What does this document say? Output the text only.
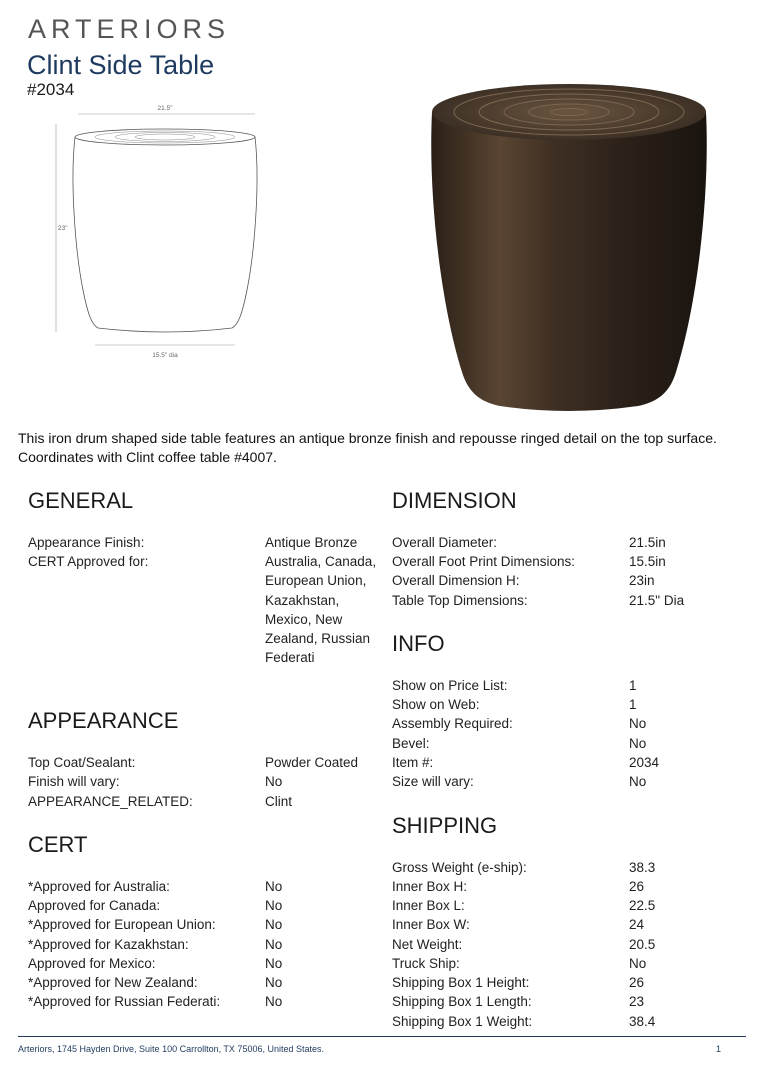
ARTERIORS
Clint Side Table
#2034
21.5"
23"
15.5" dia
This iron drum shaped side table features an antique bronze finish and repousse ringed detail on the top surface. Coordinates with Clint coffee table #4007.
GENERAL
Appearance Finish:	Antique Bronze
CERT Approved for:	Australia, Canada, European Union, Kazakhstan, Mexico, New Zealand, Russian Federati
APPEARANCE
Top Coat/Sealant:	Powder Coated
Finish will vary:	No
APPEARANCE_RELATED:	Clint
CERT
*Approved for Australia:	No
Approved for Canada:	No
*Approved for European Union:	No
*Approved for Kazakhstan:	No
Approved for Mexico:	No
*Approved for New Zealand:	No
*Approved for Russian Federati:	No
DIMENSION
Overall Diameter:	21.5in
Overall Foot Print Dimensions:	15.5in
Overall Dimension H:	23in
Table Top Dimensions:	21.5" Dia
INFO
Show on Price List:	1
Show on Web:	1
Assembly Required:	No
Bevel:	No
Item #:	2034
Size will vary:	No
SHIPPING
Gross Weight (e-ship):	38.3
Inner Box H:	26
Inner Box L:	22.5
Inner Box W:	24
Net Weight:	20.5
Truck Ship:	No
Shipping Box 1 Height:	26
Shipping Box 1 Length:	23
Shipping Box 1 Weight:	38.4
Arteriors, 1745 Hayden Drive, Suite 100 Carrollton, TX 75006, United States.	1
